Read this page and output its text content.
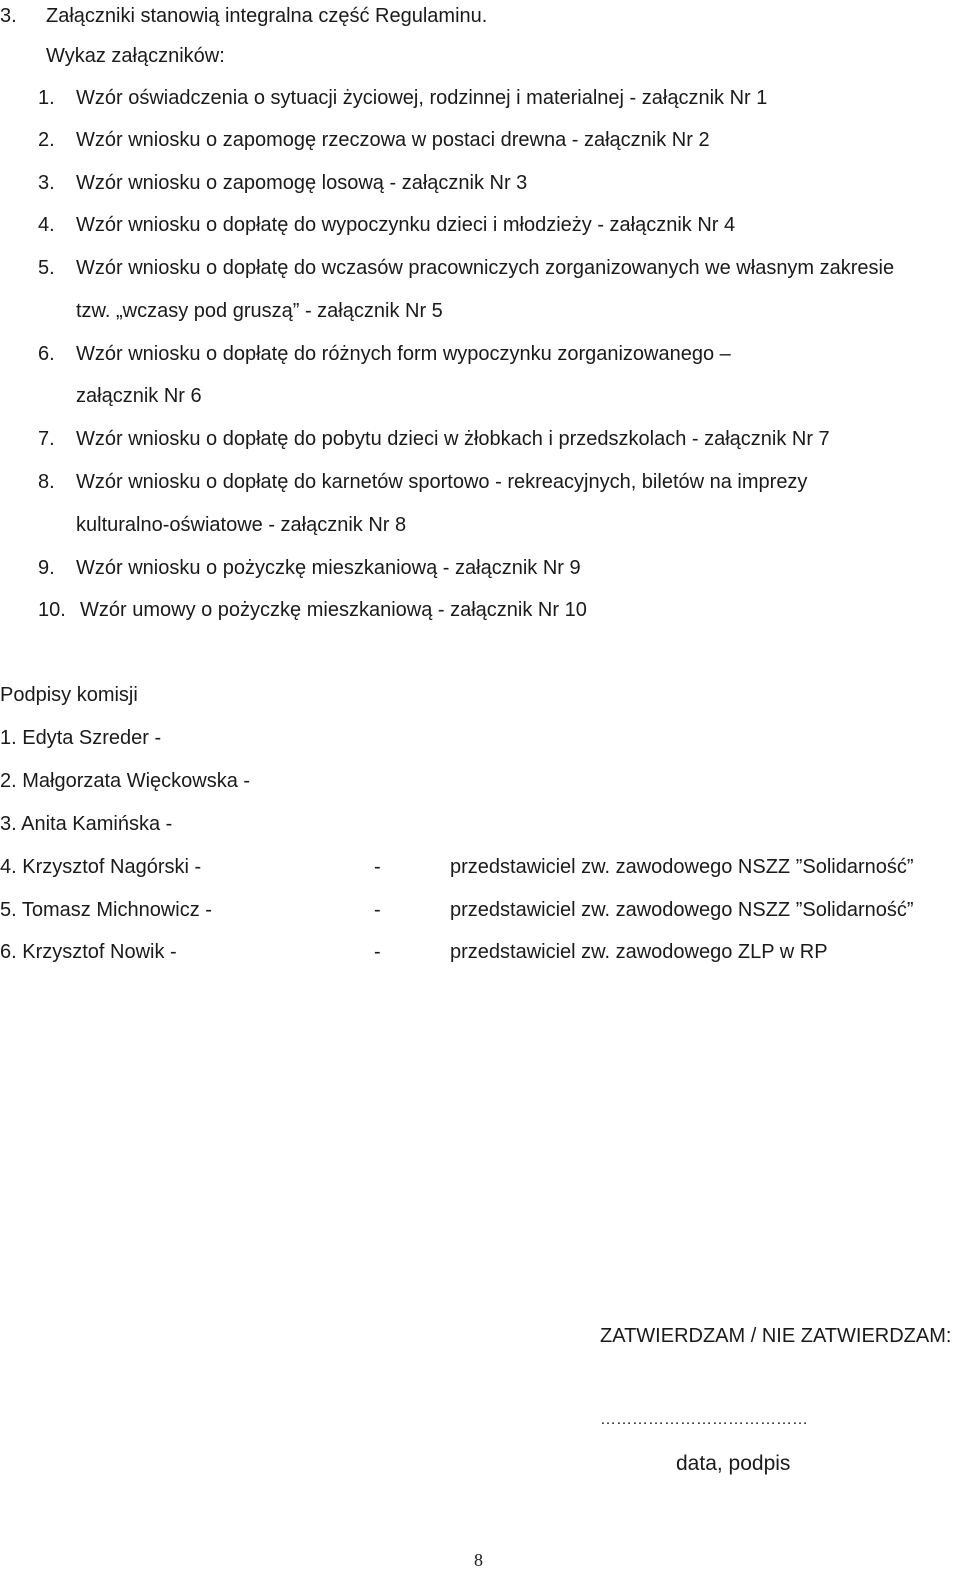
3. Załączniki stanowią integralna część Regulaminu.
Wykaz załączników:
1. Wzór oświadczenia o sytuacji życiowej, rodzinnej i materialnej - załącznik Nr 1
2. Wzór wniosku o zapomogę rzeczowa w postaci drewna - załącznik Nr 2
3. Wzór wniosku o zapomogę losową - załącznik Nr 3
4. Wzór wniosku o dopłatę do wypoczynku dzieci i młodzieży - załącznik Nr 4
5. Wzór wniosku o dopłatę do wczasów pracowniczych zorganizowanych we własnym zakresie
tzw. „wczasy pod gruszą” - załącznik Nr 5
6. Wzór wniosku o dopłatę do różnych form wypoczynku zorganizowanego –
załącznik Nr 6
7. Wzór wniosku o dopłatę do pobytu dzieci w żłobkach i przedszkolach - załącznik Nr 7
8. Wzór wniosku o dopłatę do karnetów sportowo - rekreacyjnych, biletów na imprezy
kulturalno-oświatowe - załącznik Nr 8
9. Wzór wniosku o pożyczkę mieszkaniową - załącznik Nr 9
10. Wzór umowy o pożyczkę mieszkaniową - załącznik Nr 10
Podpisy komisji
1. Edyta Szreder -
2. Małgorzata Więckowska -
3. Anita Kamińska -
4. Krzysztof Nagórski -	-	przedstawiciel zw. zawodowego NSZZ ”Solidarność”
5. Tomasz Michnowicz -	-	przedstawiciel zw. zawodowego NSZZ ”Solidarność”
6. Krzysztof Nowik -	-	przedstawiciel zw. zawodowego ZLP w RP
ZATWIERDZAM / NIE ZATWIERDZAM:
…………………………………
data, podpis
8
